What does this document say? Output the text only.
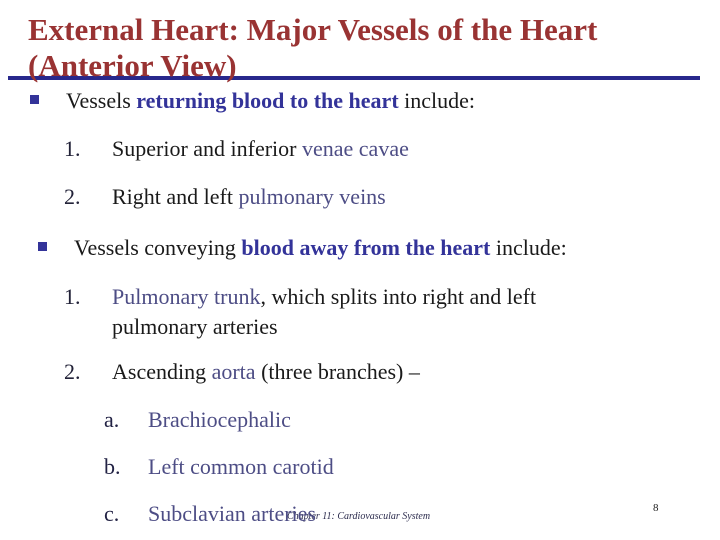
External Heart: Major Vessels of the Heart
(Anterior View)
Vessels returning blood to the heart include:
1.	Superior and inferior venae cavae
2.	Right and left pulmonary veins
Vessels conveying blood away from the heart include:
1.	Pulmonary trunk, which splits into right and left
pulmonary arteries
2.	Ascending aorta (three branches) –
a.	Brachiocephalic
b.	Left common carotid
c.	Subclavian arteries
Chapter 11: Cardiovascular System
8
